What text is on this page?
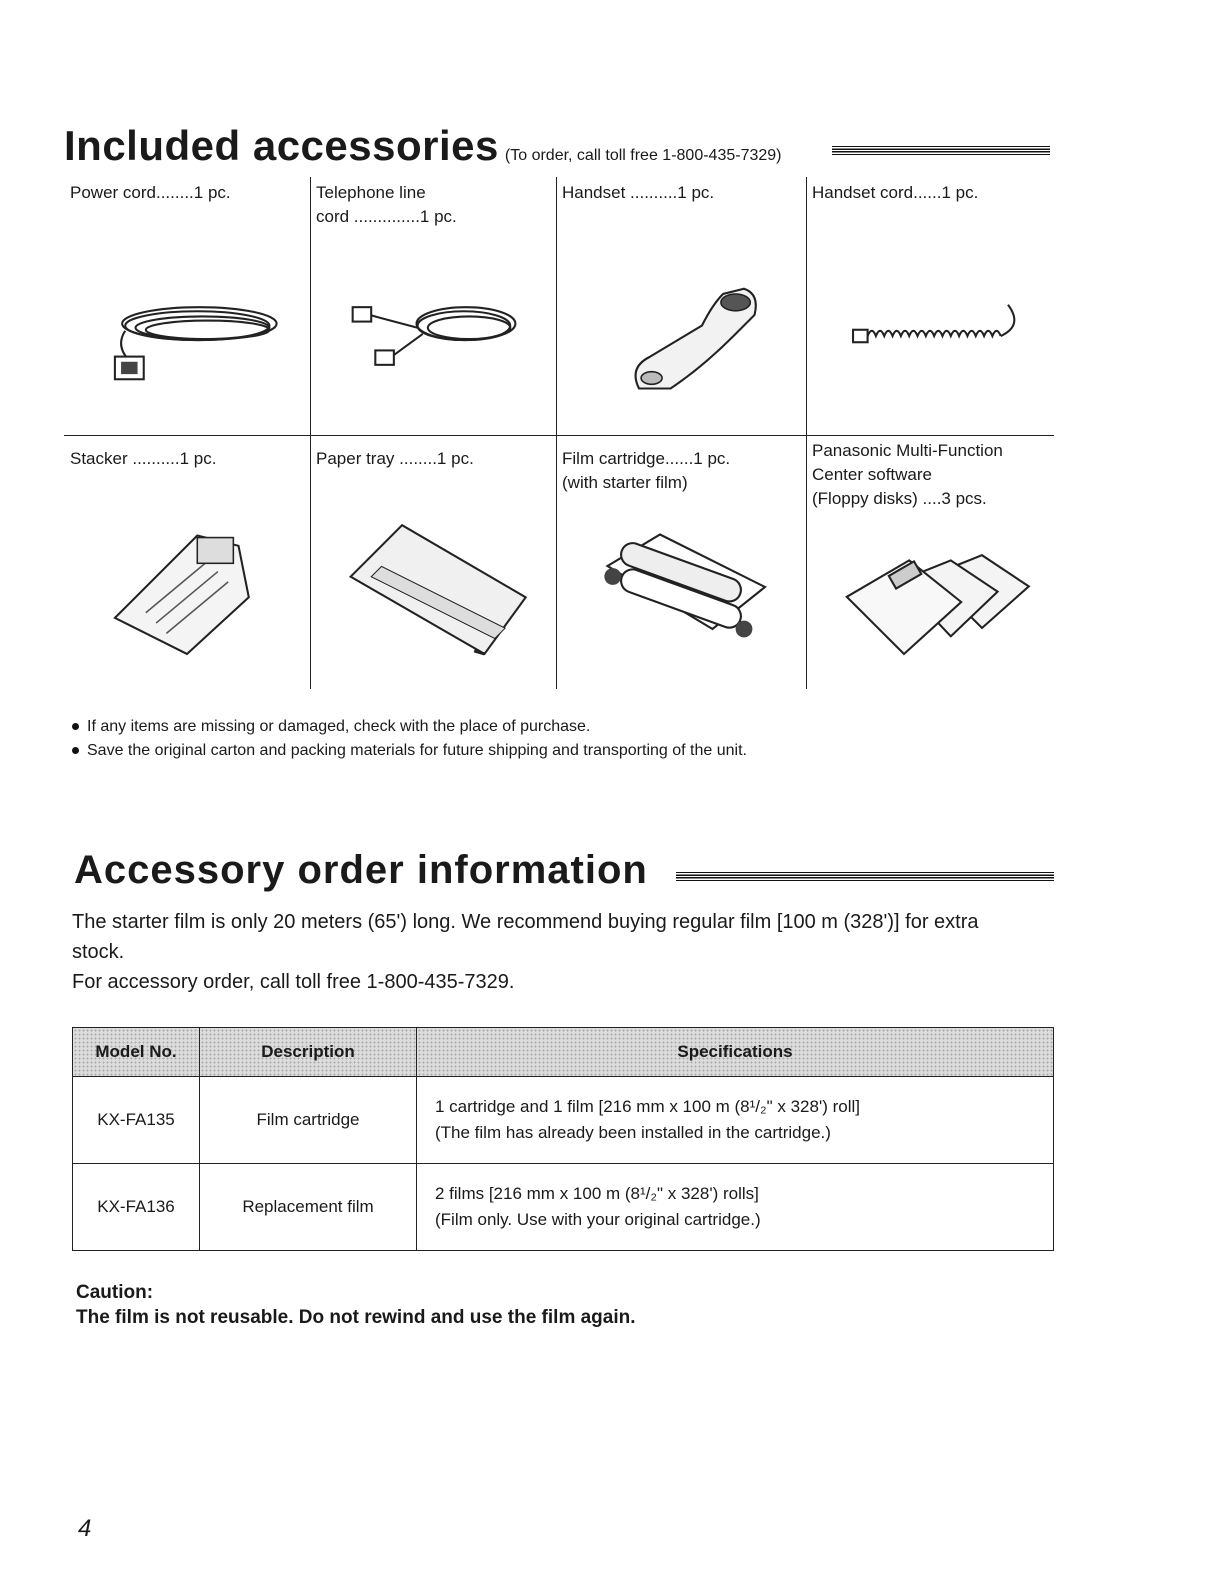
Included accessories (To order, call toll free 1-800-435-7329)
Power cord........1 pc.	Telephone line
cord ..............1 pc.
Handset ..........1 pc.	Handset cord......1 pc.
Stacker ..........1 pc.	Paper tray ........1 pc.	Film cartridge......1 pc.
(with starter film)
Panasonic Multi-Function
Center software
(Floppy disks) ....3 pcs.
If any items are missing or damaged, check with the place of purchase.
Save the original carton and packing materials for future shipping and transporting of the unit.
Accessory order information
The starter film is only 20 meters (65') long. We recommend buying regular film [100 m (328')] for extra stock.
For accessory order, call toll free 1-800-435-7329.
Model No.	Description	Specifications
KX-FA135	Film cartridge	1 cartridge and 1 film [216 mm x 100 m (8¹/₂" x 328') roll]
(The film has already been installed in the cartridge.)

KX-FA136	Replacement film	2 films [216 mm x 100 m (8¹/₂" x 328') rolls]
(Film only. Use with your original cartridge.)
Caution:
The film is not reusable. Do not rewind and use the film again.
4
